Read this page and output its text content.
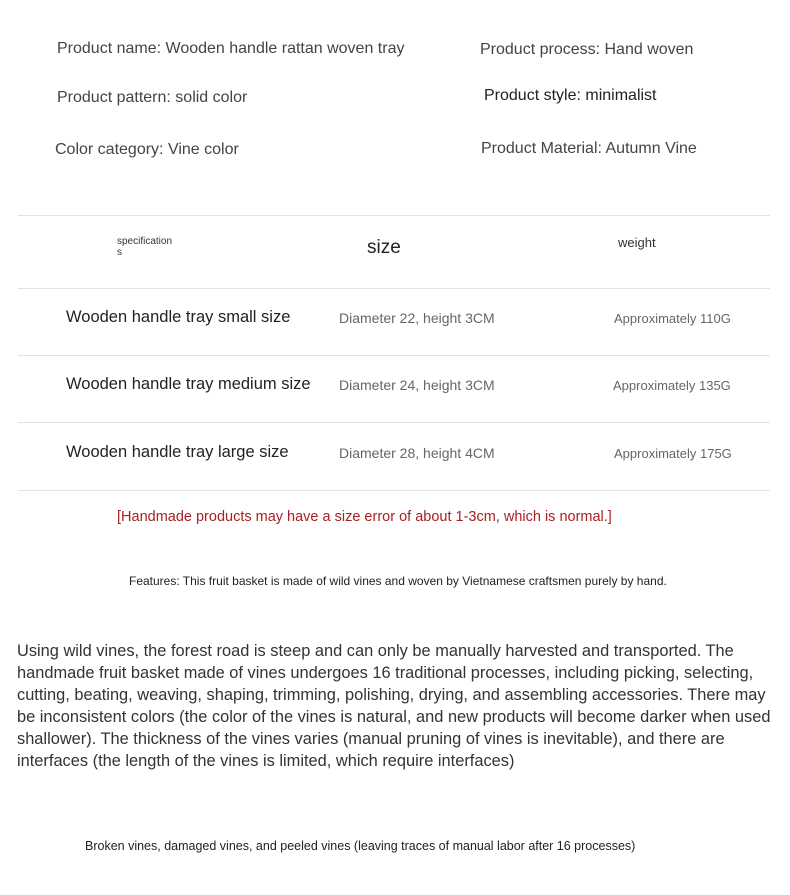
Product name: Wooden handle rattan woven tray	Product process: Hand woven
Product pattern: solid color	Product style: minimalist
Color category: Vine color	Product Material: Autumn Vine
specifications	size	weight
Wooden handle tray small size	Diameter 22, height 3CM	Approximately 110G
Wooden handle tray medium size Diameter 24, height 3CM	Approximately 135G
Wooden handle tray large size	Diameter 28, height 4CM	Approximately 175G
[Handmade products may have a size error of about 1-3cm, which is normal.]
Features: This fruit basket is made of wild vines and woven by Vietnamese craftsmen purely by hand.
Using wild vines, the forest road is steep and can only be manually harvested and transported. The handmade fruit basket made of vines undergoes 16 traditional processes, including picking, selecting, cutting, beating, weaving, shaping, trimming, polishing, drying, and assembling accessories. There may be inconsistent colors (the color of the vines is natural, and new products will become darker when used shallower). The thickness of the vines varies (manual pruning of vines is inevitable), and there are interfaces (the length of the vines is limited, which require interfaces)
Broken vines, damaged vines, and peeled vines (leaving traces of manual labor after 16 processes)
